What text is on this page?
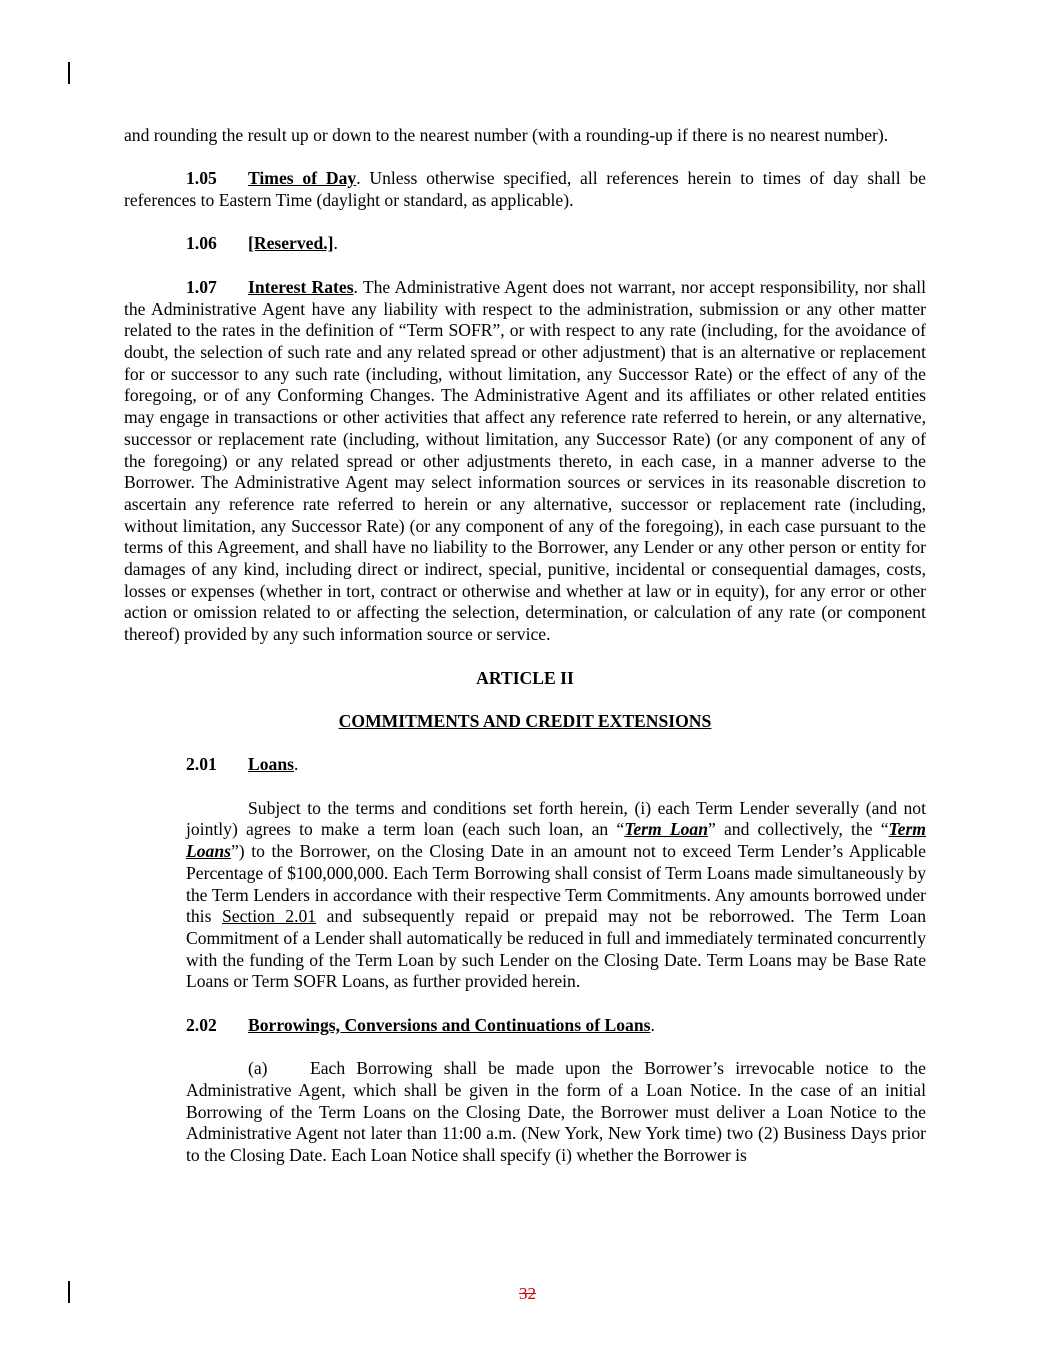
and rounding the result up or down to the nearest number (with a rounding-up if there is no nearest number).

1.05 Times of Day. Unless otherwise specified, all references herein to times of day shall be references to Eastern Time (daylight or standard, as applicable).

1.06 [Reserved.].

1.07 Interest Rates. The Administrative Agent does not warrant, nor accept responsibility, nor shall the Administrative Agent have any liability with respect to the administration, submission or any other matter related to the rates in the definition of “Term SOFR”, or with respect to any rate (including, for the avoidance of doubt, the selection of such rate and any related spread or other adjustment) that is an alternative or replacement for or successor to any such rate (including, without limitation, any Successor Rate) or the effect of any of the foregoing, or of any Conforming Changes. The Administrative Agent and its affiliates or other related entities may engage in transactions or other activities that affect any reference rate referred to herein, or any alternative, successor or replacement rate (including, without limitation, any Successor Rate) (or any component of any of the foregoing) or any related spread or other adjustments thereto, in each case, in a manner adverse to the Borrower. The Administrative Agent may select information sources or services in its reasonable discretion to ascertain any reference rate referred to herein or any alternative, successor or replacement rate (including, without limitation, any Successor Rate) (or any component of any of the foregoing), in each case pursuant to the terms of this Agreement, and shall have no liability to the Borrower, any Lender or any other person or entity for damages of any kind, including direct or indirect, special, punitive, incidental or consequential damages, costs, losses or expenses (whether in tort, contract or otherwise and whether at law or in equity), for any error or other action or omission related to or affecting the selection, determination, or calculation of any rate (or component thereof) provided by any such information source or service.

ARTICLE II

COMMITMENTS AND CREDIT EXTENSIONS

2.01 Loans.

Subject to the terms and conditions set forth herein, (i) each Term Lender severally (and not jointly) agrees to make a term loan (each such loan, an “Term Loan” and collectively, the “Term Loans”) to the Borrower, on the Closing Date in an amount not to exceed Term Lender’s Applicable Percentage of $100,000,000. Each Term Borrowing shall consist of Term Loans made simultaneously by the Term Lenders in accordance with their respective Term Commitments. Any amounts borrowed under this Section 2.01 and subsequently repaid or prepaid may not be reborrowed. The Term Loan Commitment of a Lender shall automatically be reduced in full and immediately terminated concurrently with the funding of the Term Loan by such Lender on the Closing Date. Term Loans may be Base Rate Loans or Term SOFR Loans, as further provided herein.

2.02 Borrowings, Conversions and Continuations of Loans.

(a) Each Borrowing shall be made upon the Borrower’s irrevocable notice to the Administrative Agent, which shall be given in the form of a Loan Notice. In the case of an initial Borrowing of the Term Loans on the Closing Date, the Borrower must deliver a Loan Notice to the Administrative Agent not later than 11:00 a.m. (New York, New York time) two (2) Business Days prior to the Closing Date. Each Loan Notice shall specify (i) whether the Borrower is

32
